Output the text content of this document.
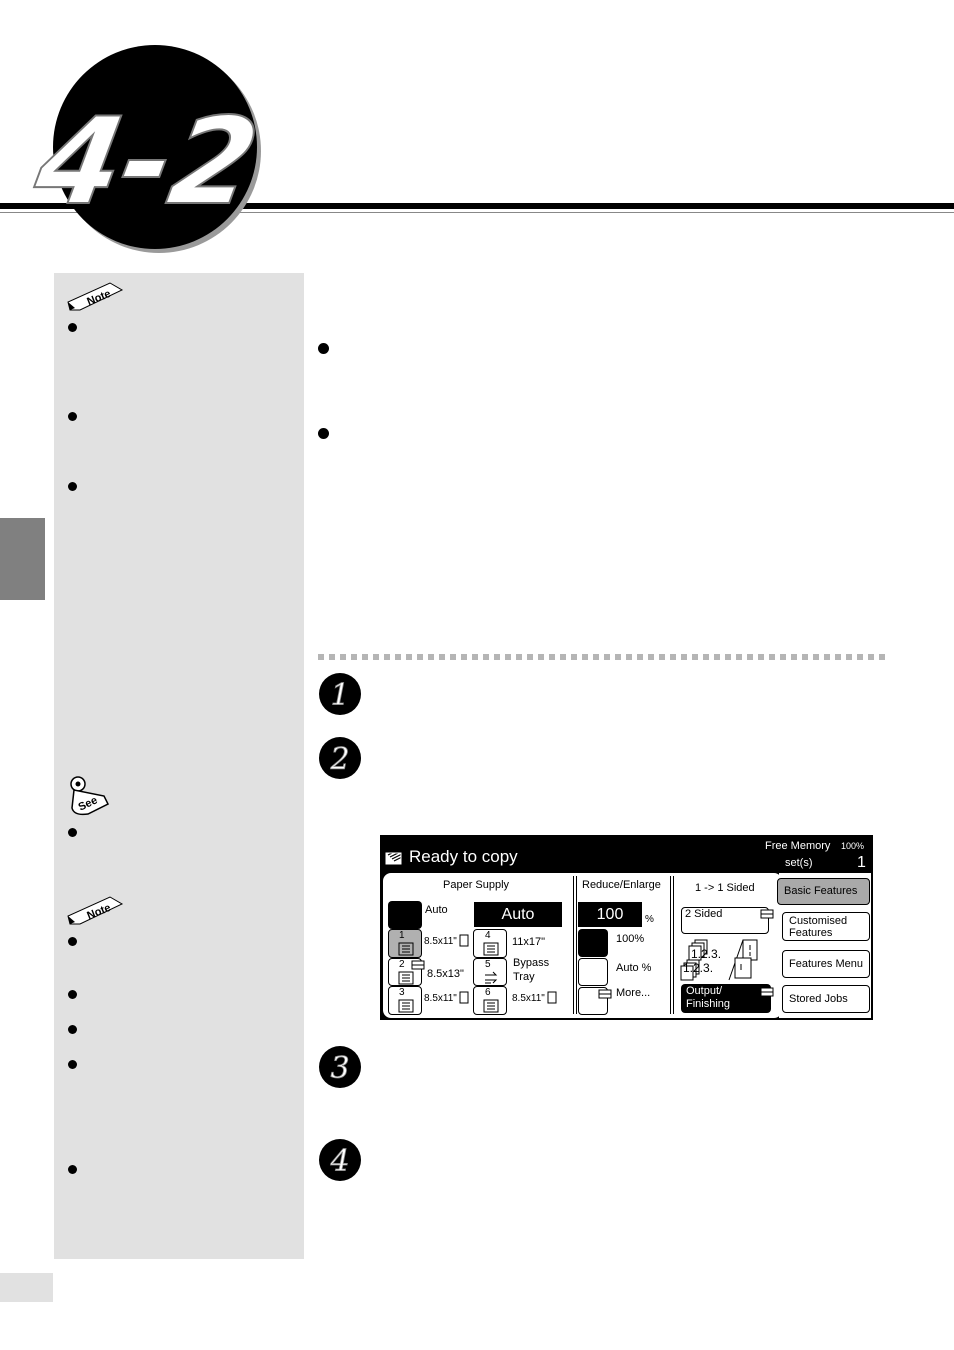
4-2
Note
See
Note
1
2
3
4
Ready to copy
Free Memory 100%
set(s)	1
Paper Supply
Auto	Auto
1
8.5x11"
2
8.5x13"
3
8.5x11"
4
11x17"
5 Bypass
Tray
6
8.5x11"
Reduce/Enlarge
100	%
100%
Auto %
More...
1 -> 1 Sided
2 Sided
1.2.3.
1.2.3.
Output/
Finishing
Basic Features
Customised
Features
Features Menu
Stored Jobs
